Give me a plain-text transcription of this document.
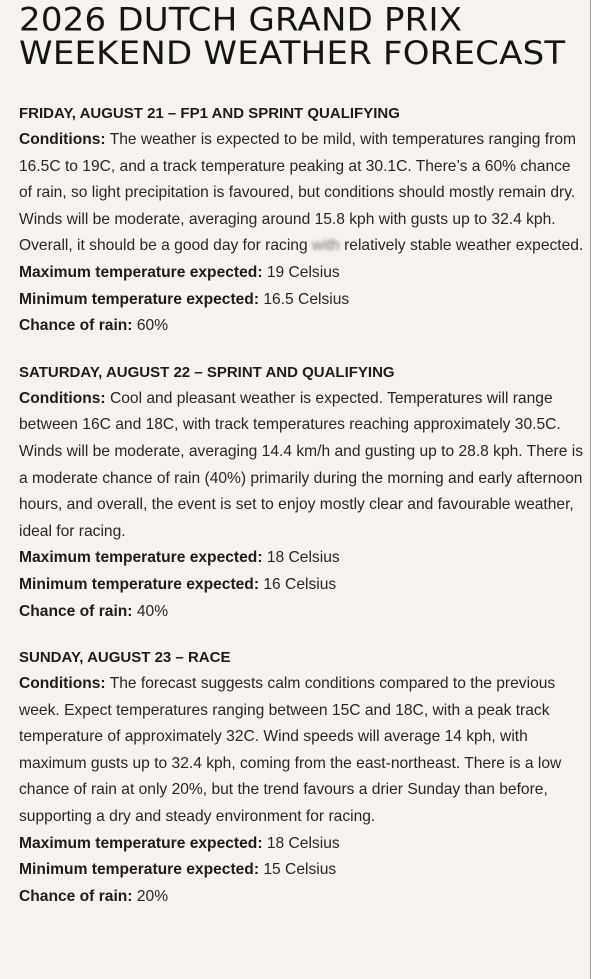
2026 DUTCH GRAND PRIX WEEKEND WEATHER FORECAST
FRIDAY, AUGUST 21 – FP1 AND SPRINT QUALIFYING

Conditions: The weather is expected to be mild, with temperatures ranging from 16.5C to 19C, and a track temperature peaking at 30.1C. There’s a 60% chance of rain, so light precipitation is favoured, but conditions should mostly remain dry. Winds will be moderate, averaging around 15.8 kph with gusts up to 32.4 kph. Overall, it should be a good day for racing with relatively stable weather expected.

Maximum temperature expected: 19 Celsius

Minimum temperature expected: 16.5 Celsius

Chance of rain: 60%

SATURDAY, AUGUST 22 – SPRINT AND QUALIFYING

Conditions: Cool and pleasant weather is expected. Temperatures will range between 16C and 18C, with track temperatures reaching approximately 30.5C. Winds will be moderate, averaging 14.4 km/h and gusting up to 28.8 kph. There is a moderate chance of rain (40%) primarily during the morning and early afternoon hours, and overall, the event is set to enjoy mostly clear and favourable weather, ideal for racing.

Maximum temperature expected: 18 Celsius

Minimum temperature expected: 16 Celsius

Chance of rain: 40%

SUNDAY, AUGUST 23 – RACE

Conditions: The forecast suggests calm conditions compared to the previous week. Expect temperatures ranging between 15C and 18C, with a peak track temperature of approximately 32C. Wind speeds will average 14 kph, with maximum gusts up to 32.4 kph, coming from the east-northeast. There is a low chance of rain at only 20%, but the trend favours a drier Sunday than before, supporting a dry and steady environment for racing.

Maximum temperature expected: 18 Celsius

Minimum temperature expected: 15 Celsius

Chance of rain: 20%
